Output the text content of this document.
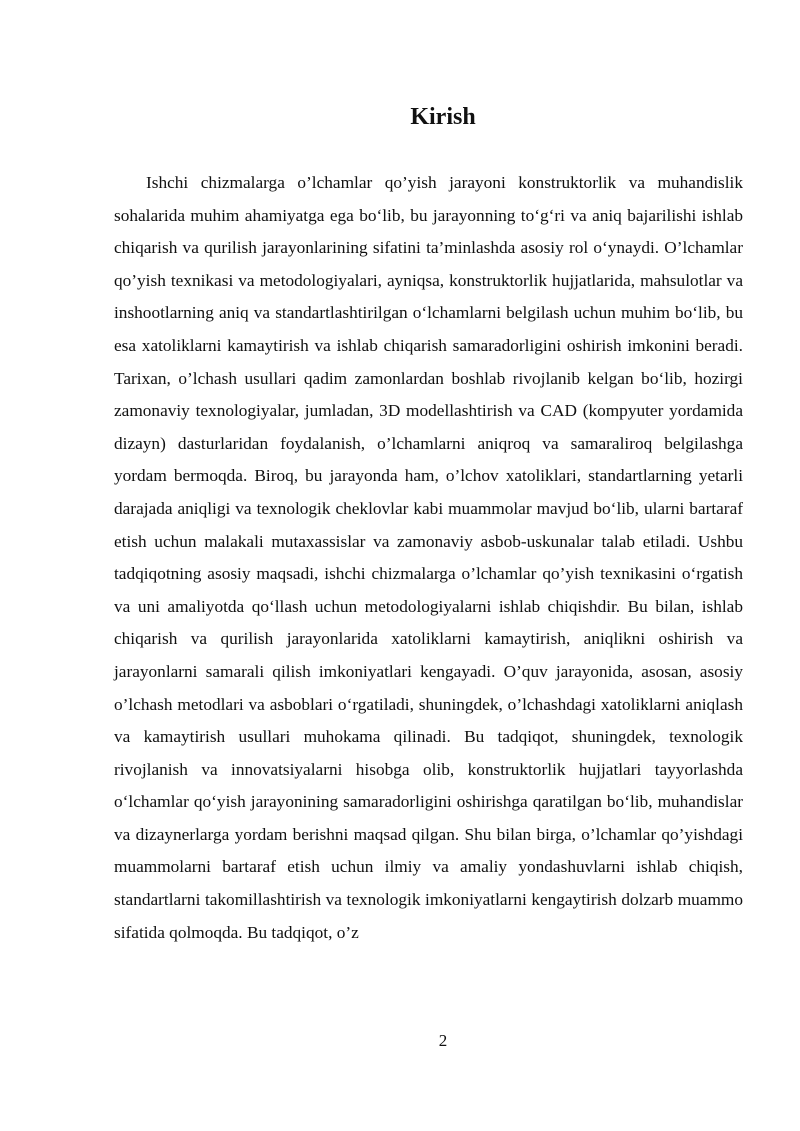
Kirish

Ishchi chizmalarga o’lchamlar qo’yish jarayoni konstruktorlik va muhandislik sohalarida muhim ahamiyatga ega bo‘lib, bu jarayonning to‘g‘ri va aniq bajarilishi ishlab chiqarish va qurilish jarayonlarining sifatini ta’minlashda asosiy rol o‘ynaydi. O’lchamlar qo’yish texnikasi va metodologiyalari, ayniqsa, konstruktorlik hujjatlarida, mahsulotlar va inshootlarning aniq va standartlashtirilgan o‘lchamlarni belgilash uchun muhim bo‘lib, bu esa xatoliklarni kamaytirish va ishlab chiqarish samaradorligini oshirish imkonini beradi. Tarixan, o’lchash usullari qadim zamonlardan boshlab rivojlanib kelgan bo‘lib, hozirgi zamonaviy texnologiyalar, jumladan, 3D modellashtirish va CAD (kompyuter yordamida dizayn) dasturlaridan foydalanish, o’lchamlarni aniqroq va samaraliroq belgilashga yordam bermoqda. Biroq, bu jarayonda ham, o’lchov xatoliklari, standartlarning yetarli darajada aniqligi va texnologik cheklovlar kabi muammolar mavjud bo‘lib, ularni bartaraf etish uchun malakali mutaxassislar va zamonaviy asbob-uskunalar talab etiladi. Ushbu tadqiqotning asosiy maqsadi, ishchi chizmalarga o’lchamlar qo’yish texnikasini o‘rgatish va uni amaliyotda qo‘llash uchun metodologiyalarni ishlab chiqishdir. Bu bilan, ishlab chiqarish va qurilish jarayonlarida xatoliklarni kamaytirish, aniqlikni oshirish va jarayonlarni samarali qilish imkoniyatlari kengayadi. O’quv jarayonida, asosan, asosiy o’lchash metodlari va asboblari o‘rgatiladi, shuningdek, o’lchashdagi xatoliklarni aniqlash va kamaytirish usullari muhokama qilinadi. Bu tadqiqot, shuningdek, texnologik rivojlanish va innovatsiyalarni hisobga olib, konstruktorlik hujjatlari tayyorlashda o‘lchamlar qo‘yish jarayonining samaradorligini oshirishga qaratilgan bo‘lib, muhandislar va dizaynerlarga yordam berishni maqsad qilgan. Shu bilan birga, o’lchamlar qo’yishdagi muammolarni bartaraf etish uchun ilmiy va amaliy yondashuvlarni ishlab chiqish, standartlarni takomillashtirish va texnologik imkoniyatlarni kengaytirish dolzarb muammo sifatida qolmoqda. Bu tadqiqot, o’z

2
